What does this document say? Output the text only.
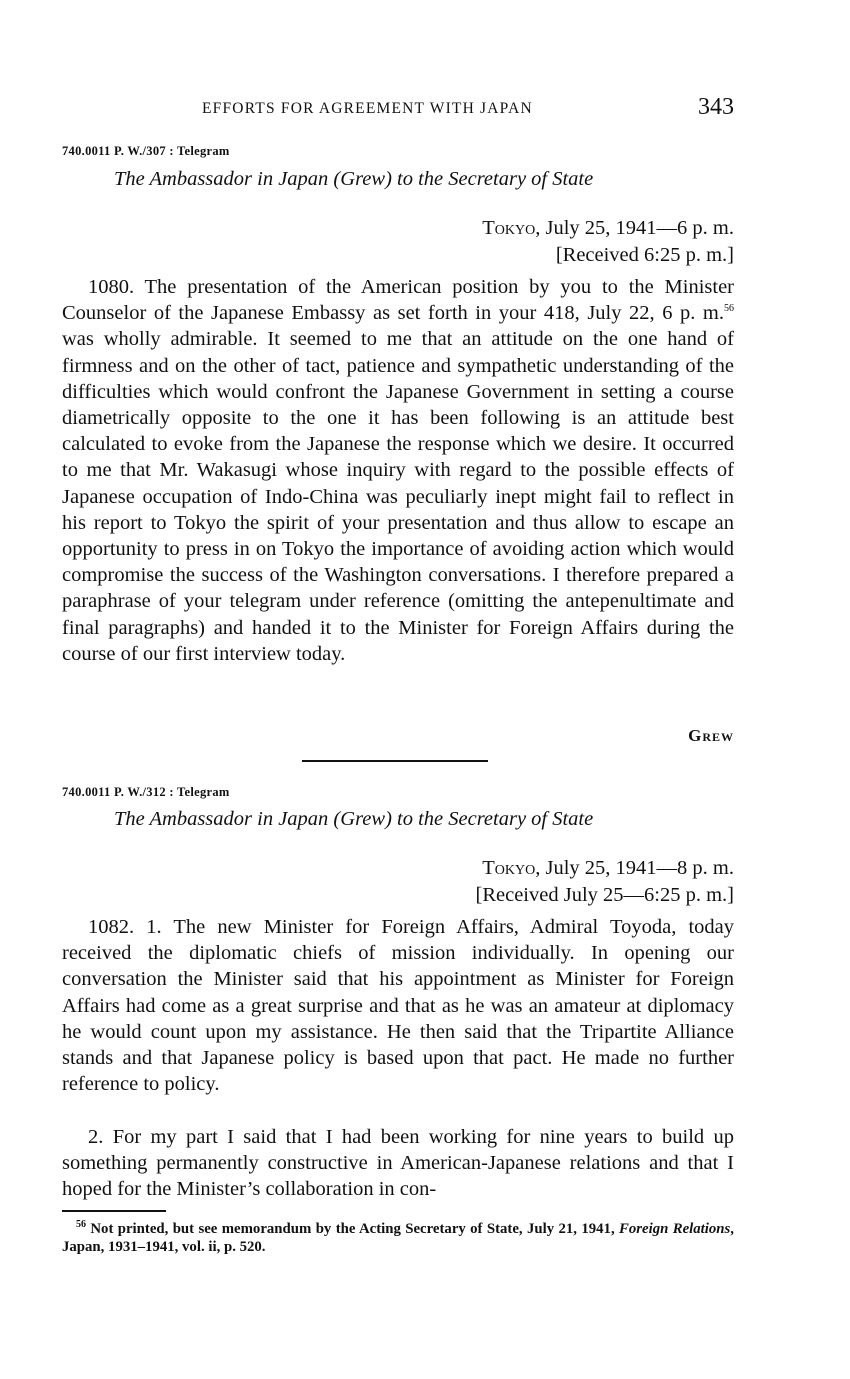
EFFORTS FOR AGREEMENT WITH JAPAN	343
740.0011 P. W./307 : Telegram
The Ambassador in Japan (Grew) to the Secretary of State
Tokyo, July 25, 1941—6 p. m.
[Received 6:25 p. m.]

1080. The presentation of the American position by you to the Minister Counselor of the Japanese Embassy as set forth in your 418, July 22, 6 p. m.$^{56}$ was wholly admirable. It seemed to me that an attitude on the one hand of firmness and on the other of tact, patience and sympathetic understanding of the difficulties which would confront the Japanese Government in setting a course diametrically opposite to the one it has been following is an attitude best calculated to evoke from the Japanese the response which we desire. It occurred to me that Mr. Wakasugi whose inquiry with regard to the possible effects of Japanese occupation of Indo-China was peculiarly inept might fail to reflect in his report to Tokyo the spirit of your presentation and thus allow to escape an opportunity to press in on Tokyo the importance of avoiding action which would compromise the success of the Washington conversations. I therefore prepared a paraphrase of your telegram under reference (omitting the antepenultimate and final paragraphs) and handed it to the Minister for Foreign Affairs during the course of our first interview today.

Grew
740.0011 P. W./312 : Telegram
The Ambassador in Japan (Grew) to the Secretary of State
Tokyo, July 25, 1941—8 p. m.
[Received July 25—6:25 p. m.]

1082. 1. The new Minister for Foreign Affairs, Admiral Toyoda, today received the diplomatic chiefs of mission individually. In opening our conversation the Minister said that his appointment as Minister for Foreign Affairs had come as a great surprise and that as he was an amateur at diplomacy he would count upon my assistance. He then said that the Tripartite Alliance stands and that Japanese policy is based upon that pact. He made no further reference to policy.

2. For my part I said that I had been working for nine years to build up something permanently constructive in American-Japanese relations and that I hoped for the Minister’s collaboration in con-

$^{56}$ Not printed, but see memorandum by the Acting Secretary of State, July 21, 1941, Foreign Relations, Japan, 1931–1941, vol. ii, p. 520.
